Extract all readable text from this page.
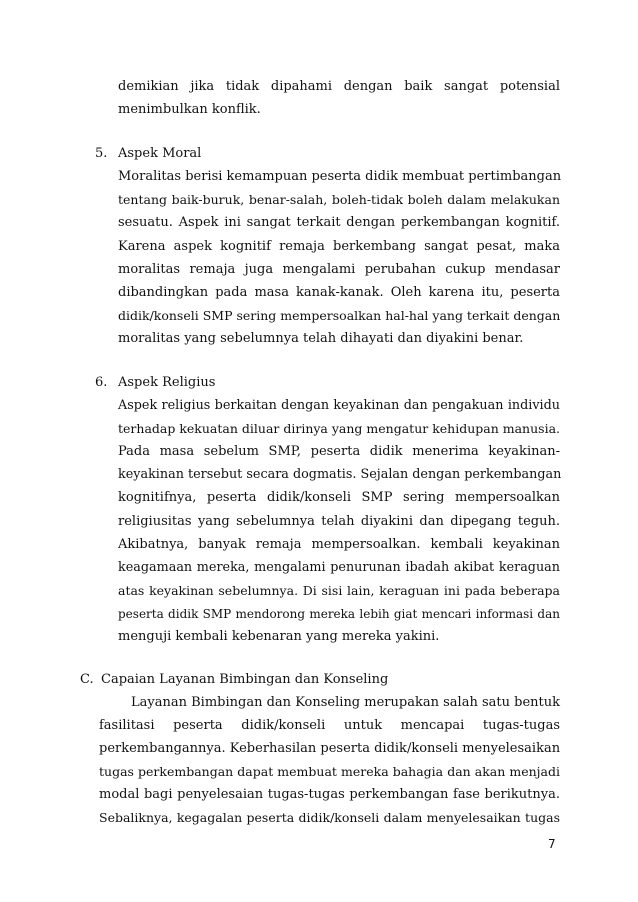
demikian jika tidak dipahami dengan baik sangat potensial
menimbulkan konflik.
5. Aspek Moral
Moralitas berisi kemampuan peserta didik membuat pertimbangan
tentang baik-buruk, benar-salah, boleh-tidak boleh dalam melakukan
sesuatu. Aspek ini sangat terkait dengan perkembangan kognitif.
Karena aspek kognitif remaja berkembang sangat pesat, maka
moralitas remaja juga mengalami perubahan cukup mendasar
dibandingkan pada masa kanak-kanak. Oleh karena itu, peserta
didik/konseli SMP sering mempersoalkan hal-hal yang terkait dengan
moralitas yang sebelumnya telah dihayati dan diyakini benar.
6. Aspek Religius
Aspek religius berkaitan dengan keyakinan dan pengakuan individu
terhadap kekuatan diluar dirinya yang mengatur kehidupan manusia.
Pada masa sebelum SMP, peserta didik menerima keyakinan-
keyakinan tersebut secara dogmatis. Sejalan dengan perkembangan
kognitifnya, peserta didik/konseli SMP sering mempersoalkan
religiusitas yang sebelumnya telah diyakini dan dipegang teguh.
Akibatnya, banyak remaja mempersoalkan. kembali keyakinan
keagamaan mereka, mengalami penurunan ibadah akibat keraguan
atas keyakinan sebelumnya. Di sisi lain, keraguan ini pada beberapa
peserta didik SMP mendorong mereka lebih giat mencari informasi dan
menguji kembali kebenaran yang mereka yakini.
C. Capaian Layanan Bimbingan dan Konseling
Layanan Bimbingan dan Konseling merupakan salah satu bentuk
fasilitasi peserta didik/konseli untuk mencapai tugas-tugas
perkembangannya. Keberhasilan peserta didik/konseli menyelesaikan
tugas perkembangan dapat membuat mereka bahagia dan akan menjadi
modal bagi penyelesaian tugas-tugas perkembangan fase berikutnya.
Sebaliknya, kegagalan peserta didik/konseli dalam menyelesaikan tugas
7
